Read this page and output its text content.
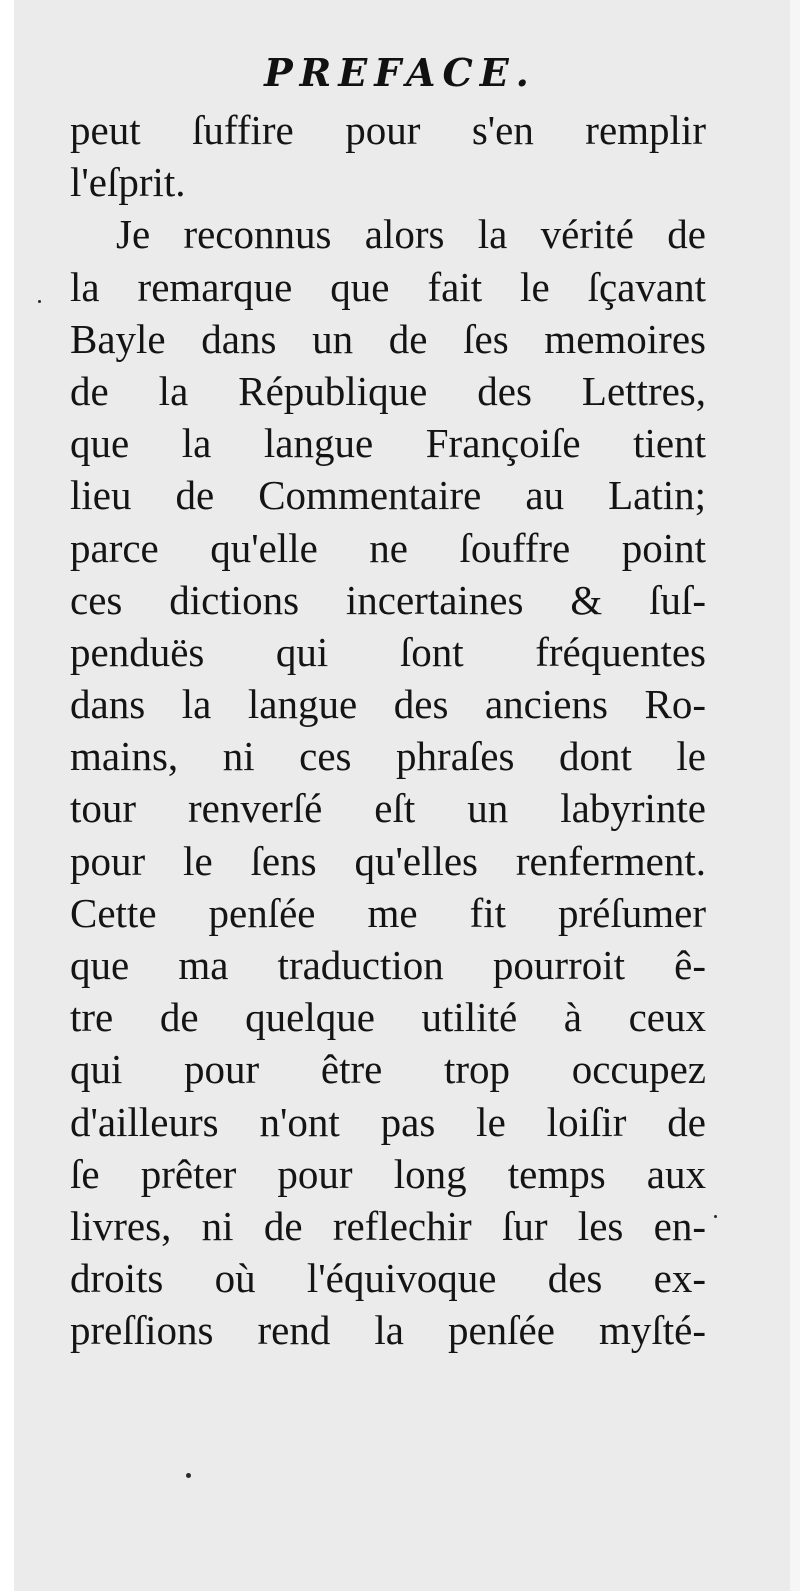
PREFACE.
peut ſuffire pour s'en remplir
l'eſprit.
Je reconnus alors la vérité de
la remarque que fait le ſçavant
Bayle dans un de ſes memoires
de la République des Lettres,
que la langue Françoiſe tient
lieu de Commentaire au Latin;
parce qu'elle ne ſouffre point
ces dictions incertaines & ſuſ-
penduës qui ſont fréquentes
dans la langue des anciens Ro-
mains, ni ces phraſes dont le
tour renverſé eſt un labyrinte
pour le ſens qu'elles renferment.
Cette penſée me fit préſumer
que ma traduction pourroit ê-
tre de quelque utilité à ceux
qui pour être trop occupez
d'ailleurs n'ont pas le loiſir de
ſe prêter pour long temps aux
livres, ni de reflechir ſur les en-
droits où l'équivoque des ex-
preſſions rend la penſée myſté-
